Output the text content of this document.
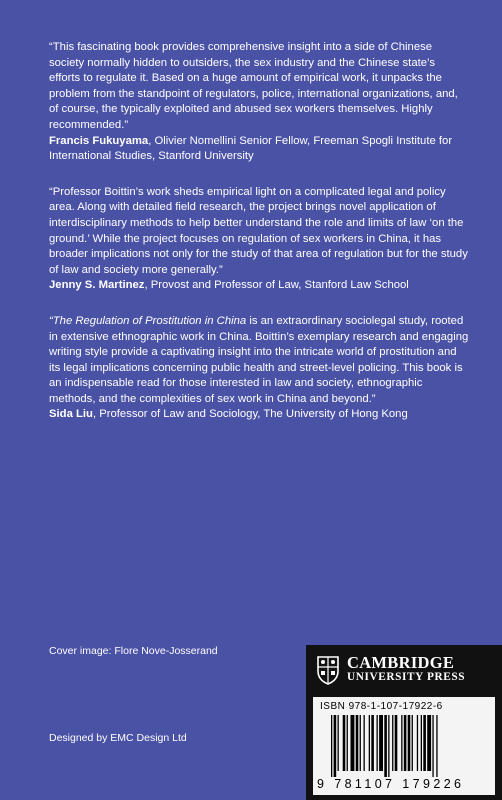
“This fascinating book provides comprehensive insight into a side of Chinese society normally hidden to outsiders, the sex industry and the Chinese state’s efforts to regulate it. Based on a huge amount of empirical work, it unpacks the problem from the standpoint of regulators, police, international organizations, and, of course, the typically exploited and abused sex workers themselves. Highly recommended.”

Francis Fukuyama, Olivier Nomellini Senior Fellow, Freeman Spogli Institute for International Studies, Stanford University

“Professor Boittin’s work sheds empirical light on a complicated legal and policy area. Along with detailed field research, the project brings novel application of interdisciplinary methods to help better understand the role and limits of law ‘on the ground.’ While the project focuses on regulation of sex workers in China, it has broader implications not only for the study of that area of regulation but for the study of law and society more generally.”

Jenny S. Martinez, Provost and Professor of Law, Stanford Law School

“The Regulation of Prostitution in China is an extraordinary sociolegal study, rooted in extensive ethnographic work in China. Boittin’s exemplary research and engaging writing style provide a captivating insight into the intricate world of prostitution and its legal implications concerning public health and street-level policing. This book is an indispensable read for those interested in law and society, ethnographic methods, and the complexities of sex work in China and beyond.”

Sida Liu, Professor of Law and Sociology, The University of Hong Kong

Cover image: Flore Nove-Josserand
Designed by EMC Design Ltd
CAMBRIDGE
UNIVERSITY PRESS
ISBN 978-1-107-17922-6
9 781107 179226
